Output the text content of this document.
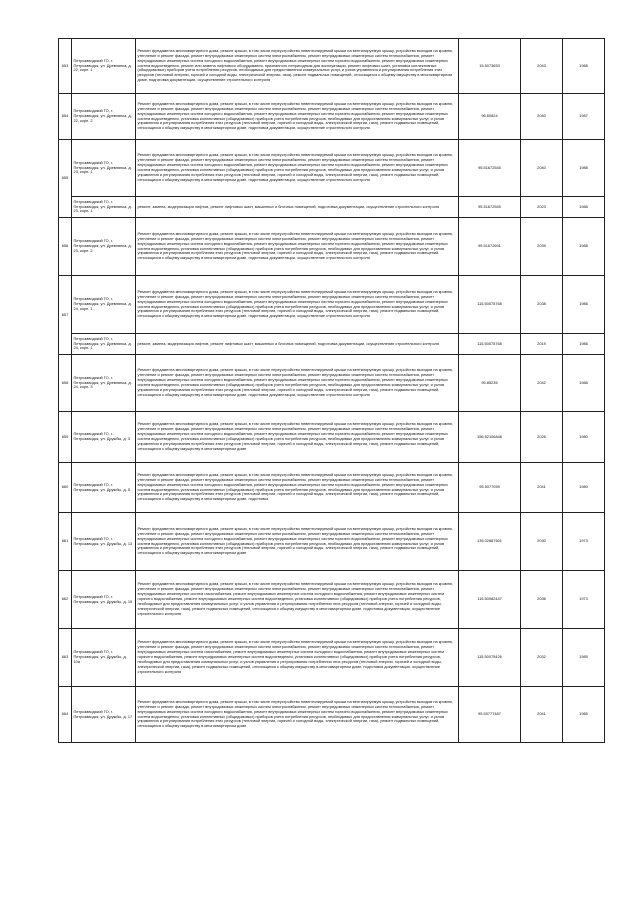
653	Петрозаводский ГО, г. Петрозаводск, ул. Древлянка, д. 22, корп. 1	Ремонт фундамента многоквартирного дома, ремонт крыши, в том числе переустройство невентилируемой крыши на вентилируемую крышу, устройство выходов на кровлю, утепление и ремонт фасада, ремонт внутридомовых инженерных систем электроснабжения, ремонт внутридомовых инженерных систем теплоснабжения, ремонт внутридомовых инженерных систем холодного водоснабжения, ремонт внутридомовых инженерных систем горячего водоснабжения, ремонт внутридомовых инженерных систем водоотведения, ремонт или замена лифтового оборудования, признанного непригодным для эксплуатации, ремонт лифтовых шахт, установка коллективных (общедомовых) приборов учета потребления ресурсов, необходимых для предоставления коммунальных услуг, и узлов управления и регулирования потребления этих ресурсов (тепловой энергии, горячей и холодной воды, электрической энергии, газа), ремонт подвальных помещений, относящихся к общему имуществу в многоквартирном доме, подготовка документации, осуществление строительного контроля	15.5073653	2043	1988
654	Петрозаводский ГО, г. Петрозаводск, ул. Древлянка, д. 22, корп. 2	Ремонт фундамента многоквартирного дома, ремонт крыши, в том числе переустройство невентилируемой крыши на вентилируемую крышу, устройство выходов на кровлю, утепление и ремонт фасада, ремонт внутридомовых инженерных систем электроснабжения, ремонт внутридомовых инженерных систем теплоснабжения, ремонт внутридомовых инженерных систем холодного водоснабжения, ремонт внутридомовых инженерных систем горячего водоснабжения, ремонт внутридомовых инженерных систем водоотведения, установка коллективных (общедомовых) приборов учета потребления ресурсов, необходимых для предоставления коммунальных услуг, и узлов управления и регулирования потребления этих ресурсов (тепловой энергии, горячей и холодной воды, электрической энергии, газа), ремонт подвальных помещений, относящихся к общему имуществу в многоквартирном доме, подготовка документации, осуществление строительного контроля	96.60824	2040	1987
655	Петрозаводский ГО, г. Петрозаводск, ул. Древлянка, д. 23, корп. 1	Ремонт фундамента многоквартирного дома, ремонт крыши, в том числе переустройство невентилируемой крыши на вентилируемую крышу, устройство выходов на кровлю, утепление и ремонт фасада, ремонт внутридомовых инженерных систем электроснабжения, ремонт внутридомовых инженерных систем теплоснабжения, ремонт внутридомовых инженерных систем холодного водоснабжения, ремонт внутридомовых инженерных систем горячего водоснабжения, ремонт внутридомовых инженерных систем водоотведения, установка коллективных (общедомовых) приборов учета потребления ресурсов, необходимых для предоставления коммунальных услуг, и узлов управления и регулирования потребления этих ресурсов (тепловой энергии, горячей и холодной воды, электрической энергии, газа), ремонт подвальных помещений, относящихся к общему имуществу в многоквартирном доме, подготовка документации, осуществление строительного контроля	95.51672545	2040	1988
	Петрозаводский ГО, г. Петрозаводск, ул. Древлянка, д. 23, корп. 1	ремонт, замена, модернизация лифтов, ремонт лифтовых шахт, машинных и блочных помещений, подготовка документации, осуществление строительного контроля	95.51672545	2023	1988
656	Петрозаводский ГО, г. Петрозаводск, ул. Древлянка, д. 23, корп. 2	Ремонт фундамента многоквартирного дома, ремонт крыши, в том числе переустройство невентилируемой крыши на вентилируемую крышу, устройство выходов на кровлю, утепление и ремонт фасада, ремонт внутридомовых инженерных систем электроснабжения, ремонт внутридомовых инженерных систем теплоснабжения, ремонт внутридомовых инженерных систем холодного водоснабжения, ремонт внутридомовых инженерных систем горячего водоснабжения, ремонт внутридомовых инженерных систем водоотведения, установка коллективных (общедомовых) приборов учета потребления ресурсов, необходимых для предоставления коммунальных услуг, и узлов управления и регулирования потребления этих ресурсов (тепловой энергии, горячей и холодной воды, электрической энергии, газа), ремонт подвальных помещений, относящихся к общему имуществу в многоквартирном доме, подготовка документации, осуществление строительного контроля	95.51672691	2039	1988
657	Петрозаводский ГО, г. Петрозаводск, ул. Древлянка, д. 24, корп. 1	Ремонт фундамента многоквартирного дома, ремонт крыши, в том числе переустройство невентилируемой крыши на вентилируемую крышу, устройство выходов на кровлю, утепление и ремонт фасада, ремонт внутридомовых инженерных систем электроснабжения, ремонт внутридомовых инженерных систем теплоснабжения, ремонт внутридомовых инженерных систем холодного водоснабжения, ремонт внутридомовых инженерных систем горячего водоснабжения, ремонт внутридомовых инженерных систем водоотведения, установка коллективных (общедомовых) приборов учета потребления ресурсов, необходимых для предоставления коммунальных услуг, и узлов управления и регулирования потребления этих ресурсов (тепловой энергии, горячей и холодной воды, электрической энергии, газа), ремонт подвальных помещений, относящихся к общему имуществу в многоквартирном доме, подготовка документации, осуществление строительного контроля	115.50075768	2038	1986
	Петрозаводский ГО, г. Петрозаводск, ул. Древлянка, д. 24, корп. 1	ремонт, замена, модернизация лифтов, ремонт лифтовых шахт, машинных и блочных помещений, подготовка документации, осуществление строительного контроля	115.50075768	2019	1986
658	Петрозаводский ГО, г. Петрозаводск, ул. Древлянка, д. 24, корп. 3	Ремонт фундамента многоквартирного дома, ремонт крыши, в том числе переустройство невентилируемой крыши на вентилируемую крышу, устройство выходов на кровлю, утепление и ремонт фасада, ремонт внутридомовых инженерных систем электроснабжения, ремонт внутридомовых инженерных систем теплоснабжения, ремонт внутридомовых инженерных систем холодного водоснабжения, ремонт внутридомовых инженерных систем горячего водоснабжения, ремонт внутридомовых инженерных систем водоотведения, установка коллективных (общедомовых) приборов учета потребления ресурсов, необходимых для предоставления коммунальных услуг, и узлов управления и регулирования потребления этих ресурсов (тепловой энергии, горячей и холодной воды, электрической энергии, газа), ремонт подвальных помещений, относящихся к общему имуществу в многоквартирном доме, подготовка документации, осуществление строительного контроля	95.85235	2042	1988
659	Петрозаводский ГО, г. Петрозаводск, ул. Дружбы, д. 3	Ремонт фундамента многоквартирного дома, ремонт крыши, в том числе переустройство невентилируемой крыши на вентилируемую крышу, устройство выходов на кровлю, утепление и ремонт фасада, ремонт внутридомовых инженерных систем электроснабжения, ремонт внутридомовых инженерных систем теплоснабжения, ремонт внутридомовых инженерных систем холодного водоснабжения, ремонт внутридомовых инженерных систем горячего водоснабжения, ремонт внутридомовых инженерных систем водоотведения, установка коллективных (общедомовых) приборов учета потребления ресурсов, необходимых для предоставления коммунальных услуг, и узлов управления и регулирования потребления этих ресурсов (тепловой энергии, горячей и холодной воды, электрической энергии, газа), ремонт подвальных помещений, относящихся к общему имуществу в многоквартирном доме	156.52106846	2026	1980
660	Петрозаводский ГО, г. Петрозаводск, ул. Дружбы, д. 5	Ремонт фундамента многоквартирного дома, ремонт крыши, в том числе переустройство невентилируемой крыши на вентилируемую крышу, устройство выходов на кровлю, утепление и ремонт фасада, ремонт внутридомовых инженерных систем электроснабжения, ремонт внутридомовых инженерных систем теплоснабжения, ремонт внутридомовых инженерных систем холодного водоснабжения, ремонт внутридомовых инженерных систем горячего водоснабжения, ремонт внутридомовых инженерных систем водоотведения, установка коллективных (общедомовых) приборов учета потребления ресурсов, необходимых для предоставления коммунальных услуг, и узлов управления и регулирования потребления этих ресурсов (тепловой энергии, горячей и холодной воды, электрической энергии, газа), ремонт подвальных помещений, относящихся к общему имуществу в многоквартирном доме, подготовка	95.5077059	2041	1980
661	Петрозаводский ГО, г. Петрозаводск, ул. Дружбы, д. 13	Ремонт фундамента многоквартирного дома, ремонт крыши, в том числе переустройство невентилируемой крыши на вентилируемую крышу, устройство выходов на кровлю, утепление и ремонт фасада, ремонт внутридомовых инженерных систем электроснабжения, ремонт внутридомовых инженерных систем теплоснабжения, ремонт внутридомовых инженерных систем холодного водоснабжения, ремонт внутридомовых инженерных систем горячего водоснабжения, ремонт внутридомовых инженерных систем водоотведения, установка коллективных (общедомовых) приборов учета потребления ресурсов, необходимых для предоставления коммунальных услуг, и узлов управления и регулирования потребления этих ресурсов (тепловой энергии, горячей и холодной воды, электрической энергии, газа), ремонт подвальных помещений, относящихся к общему имуществу в многоквартирном доме	135.02687601	2030	1973
662	Петрозаводский ГО, г. Петрозаводск, ул. Дружбы, д. 15	Ремонт фундамента многоквартирного дома, ремонт крыши, в том числе переустройство невентилируемой крыши на вентилируемую крышу, устройство выходов на кровлю, утепление и ремонт фасада, ремонт внутридомовых инженерных систем электроснабжения, ремонт внутридомовых инженерных систем теплоснабжения, ремонт внутридомовых инженерных систем газоснабжения, ремонт внутридомовых инженерных систем холодного водоснабжения, ремонт внутридомовых инженерных систем горячего водоснабжения, ремонт внутридомовых инженерных систем водоотведения, установка коллективных (общедомовых) приборов учета потребления ресурсов, необходимых для предоставления коммунальных услуг, и узлов управления и регулирования потребления этих ресурсов (тепловой энергии, горячей и холодной воды, электрической энергии, газа), ремонт подвальных помещений, относящихся к общему имуществу в многоквартирном доме, подготовка документации, осуществление строительного контроля	115.50082447	2036	1973
663	Петрозаводский ГО, г. Петрозаводск, ул. Дружбы, д. 10а	Ремонт фундамента многоквартирного дома, ремонт крыши, в том числе переустройство невентилируемой крыши на вентилируемую крышу, устройство выходов на кровлю, утепление и ремонт фасада, ремонт внутридомовых инженерных систем электроснабжения, ремонт внутридомовых инженерных систем теплоснабжения, ремонт внутридомовых инженерных систем газоснабжения, ремонт внутридомовых инженерных систем холодного водоснабжения, ремонт внутридомовых инженерных систем горячего водоснабжения, ремонт внутридомовых инженерных систем водоотведения, установка коллективных (общедомовых) приборов учета потребления ресурсов, необходимых для предоставления коммунальных услуг, и узлов управления и регулирования потребления этих ресурсов (тепловой энергии, горячей и холодной воды, электрической энергии, газа), ремонт подвальных помещений, относящихся к общему имуществу в многоквартирном доме, подготовка документации, осуществление строительного контроля	115.50075426	2032	1985
664	Петрозаводский ГО, г. Петрозаводск, ул. Дружбы, д. 17	Ремонт фундамента многоквартирного дома, ремонт крыши, в том числе переустройство невентилируемой крыши на вентилируемую крышу, устройство выходов на кровлю, утепление и ремонт фасада, ремонт внутридомовых инженерных систем электроснабжения, ремонт внутридомовых инженерных систем теплоснабжения, ремонт внутридомовых инженерных систем холодного водоснабжения, ремонт внутридомовых инженерных систем горячего водоснабжения, ремонт внутридомовых инженерных систем водоотведения, установка коллективных (общедомовых) приборов учета потребления ресурсов, необходимых для предоставления коммунальных услуг, и узлов управления и регулирования потребления этих ресурсов (тепловой энергии, горячей и холодной воды, электрической энергии, газа), ремонт подвальных помещений, относящихся к общему имуществу в многоквартирном доме	95.50777487	2041	1985
